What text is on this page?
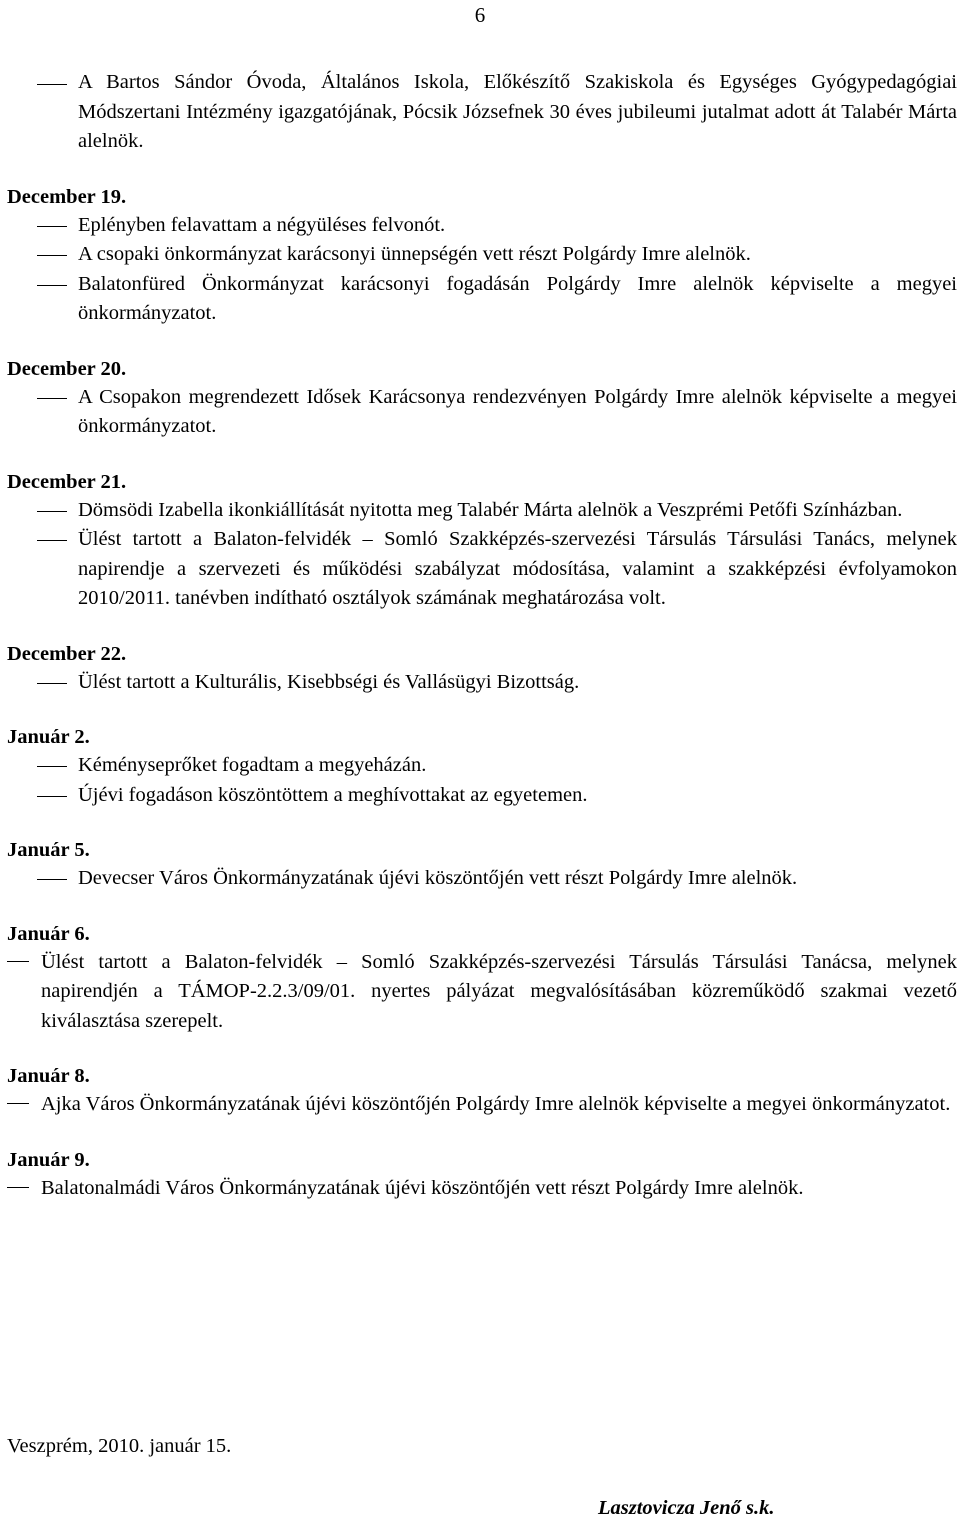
6
A Bartos Sándor Óvoda, Általános Iskola, Előkészítő Szakiskola és Egységes Gyógypedagógiai Módszertani Intézmény igazgatójának, Pócsik Józsefnek 30 éves jubileumi jutalmat adott át Talabér Márta alelnök.

December 19.

Eplényben felavattam a négyüléses felvonót.
A csopaki önkormányzat karácsonyi ünnepségén vett részt Polgárdy Imre alelnök.
Balatonfüred Önkormányzat karácsonyi fogadásán Polgárdy Imre alelnök képviselte a megyei önkormányzatot.

December 20.

A Csopakon megrendezett Idősek Karácsonya rendezvényen Polgárdy Imre alelnök képviselte a megyei önkormányzatot.

December 21.

Dömsödi Izabella ikonkiállítását nyitotta meg Talabér Márta alelnök a Veszprémi Petőfi Színházban.
Ülést tartott a Balaton-felvidék – Somló Szakképzés-szervezési Társulás Társulási Tanács, melynek napirendje a szervezeti és működési szabályzat módosítása, valamint a szakképzési évfolyamokon 2010/2011. tanévben indítható osztályok számának meghatározása volt.

December 22.

Ülést tartott a Kulturális, Kisebbségi és Vallásügyi Bizottság.

Január 2.

Kéményseprőket fogadtam a megyeházán.
Újévi fogadáson köszöntöttem a meghívottakat az egyetemen.

Január 5.

Devecser Város Önkormányzatának újévi köszöntőjén vett részt Polgárdy Imre alelnök.

Január 6.

Ülést tartott a Balaton-felvidék – Somló Szakképzés-szervezési Társulás Társulási Tanácsa, melynek napirendjén a TÁMOP-2.2.3/09/01. nyertes pályázat megvalósításában közreműködő szakmai vezető kiválasztása szerepelt.

Január 8.

Ajka Város Önkormányzatának újévi köszöntőjén Polgárdy Imre alelnök képviselte a megyei önkormányzatot.

Január 9.

Balatonalmádi Város Önkormányzatának újévi köszöntőjén vett részt Polgárdy Imre alelnök.
Veszprém, 2010. január 15.
Lasztovicza Jenő s.k.
